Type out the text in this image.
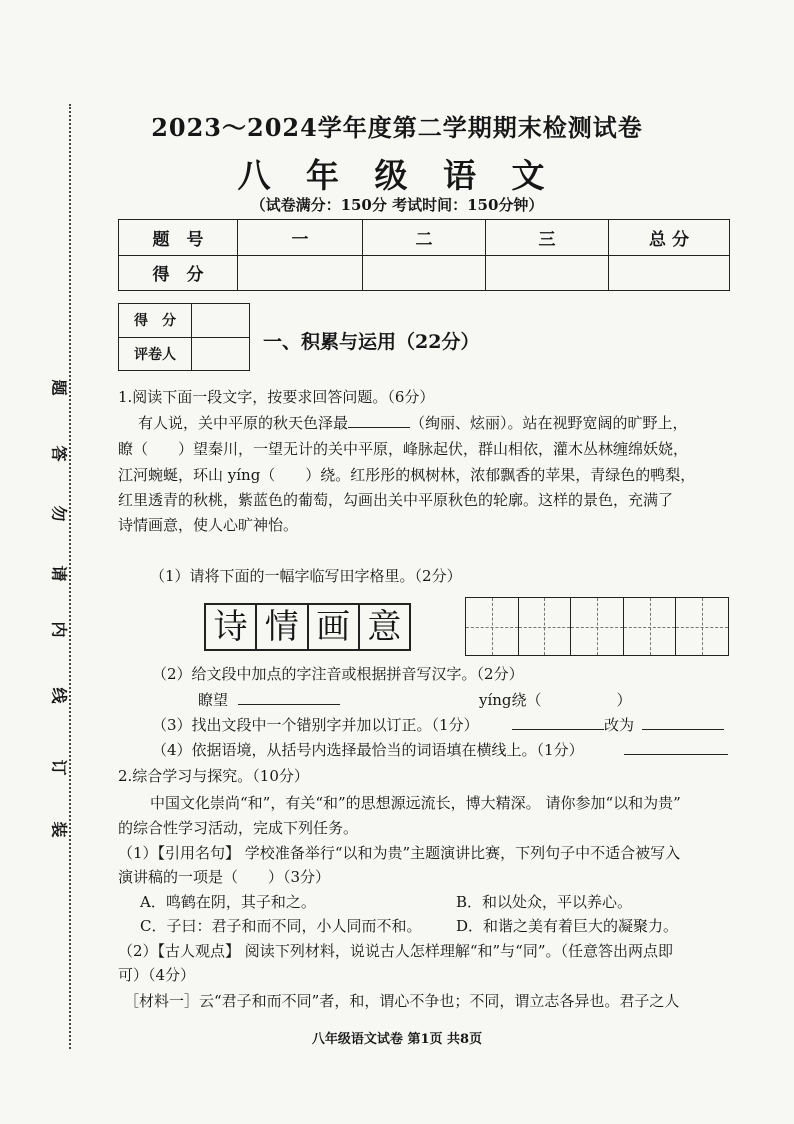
装
订
线
内
请
勿
答
题
2023～2024学年度第二学期期末检测试卷
八 年 级 语 文
（试卷满分：150分 考试时间：150分钟）
题　号	一	二	三	总 分
得　分				
得　分	
评卷人	
一、积累与运用（22分）
1.阅读下面一段文字，按要求回答问题。（6分）
有人说，关中平原的秋天色泽最	（绚丽、炫丽）。站在视野宽阔的旷野上，
瞭（　　）望秦川，一望无计的关中平原，峰脉起伏，群山相依，灌木丛林缠绵妖娆，
江河蜿蜒，环山 yíng（　　）绕。红彤彤的枫树林，浓郁飘香的苹果，青绿色的鸭梨，
红里透青的秋桃，紫蓝色的葡萄，勾画出关中平原秋色的轮廓。这样的景色，充满了
诗情画意，使人心旷神怡。
（1）请将下面的一幅字临写田字格里。（2分）
诗 情 画 意
（2）给文段中加点的字注音或根据拼音写汉字。（2分）
瞭望	yíng绕（　　　　　）
（3）找出文段中一个错别字并加以订正。（1分）	改为
（4）依据语境，从括号内选择最恰当的词语填在横线上。（1分）
2.综合学习与探究。（10分）
中国文化崇尚“和”，有关“和”的思想源远流长，博大精深。 请你参加“以和为贵”
的综合性学习活动，完成下列任务。
（1）【引用名句】 学校准备举行“以和为贵”主题演讲比赛，下列句子中不适合被写入
演讲稿的一项是（　　）（3分）
A．鸣鹤在阴，其子和之。	B．和以处众，平以养心。
C．子曰：君子和而不同，小人同而不和。 D．和谐之美有着巨大的凝聚力。
（2）【古人观点】 阅读下列材料，说说古人怎样理解“和”与“同”。（任意答出两点即
可）（4分）
［材料一］云“君子和而不同”者，和，谓心不争也；不同，谓立志各异也。君子之人
八年级语文试卷 第1页 共8页
